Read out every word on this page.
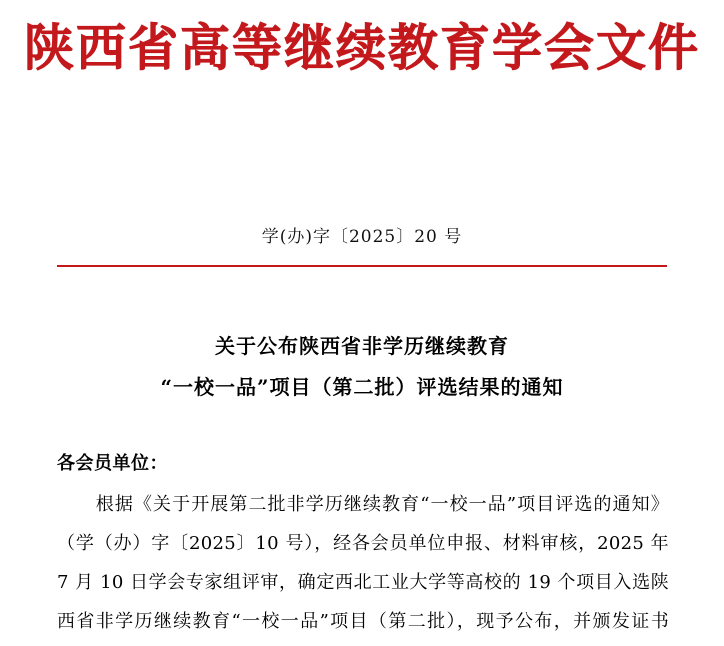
陕西省高等继续教育学会文件
学(办)字〔2025〕20 号
关于公布陕西省非学历继续教育
“一校一品”项目（第二批）评选结果的通知
各会员单位：
根据《关于开展第二批非学历继续教育“一校一品”项目评选的通知》（学（办）字〔2025〕10 号），经各会员单位申报、材料审核，2025 年 7 月 10 日学会专家组评审，确定西北工业大学等高校的 19 个项目入选陕西省非学历继续教育“一校一品”项目（第二批），现予公布，并颁发证书
